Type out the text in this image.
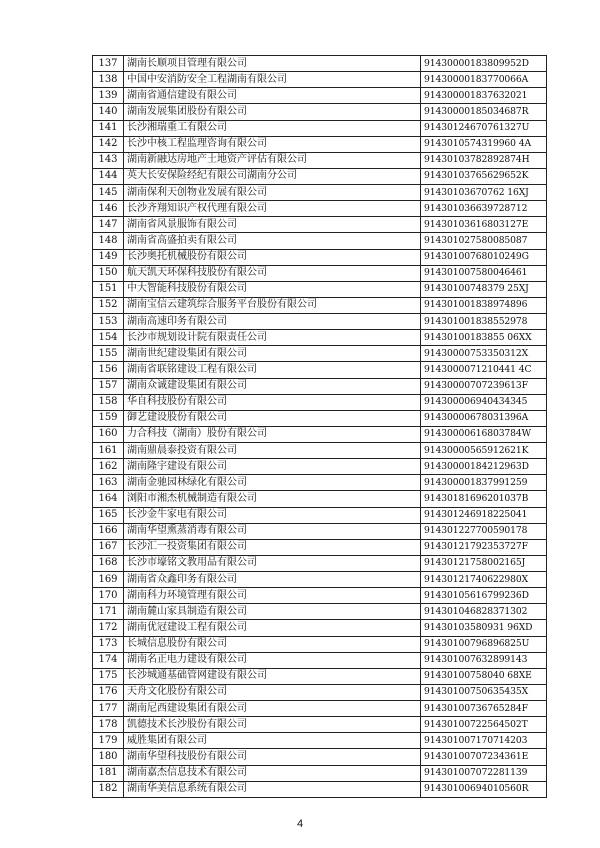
137	湖南长顺项目管理有限公司	91430000183809952D
138	中国中安消防安全工程湖南有限公司	91430000183770066A
139	湖南省通信建设有限公司	914300001837632021
140	湖南发展集团股份有限公司	91430000185034687R
141	长沙湘瑞重工有限公司	91430124670761327U
142	长沙中核工程监理咨询有限公司	9143010574319960 4A
143	湖南新融达房地产土地资产评估有限公司	91430103782892874H
144	英大长安保险经纪有限公司湖南分公司	91430103765629652K
145	湖南保利天创物业发展有限公司	91430103670762 16XJ
146	长沙齐翔知识产权代理有限公司	914301036639728712
147	湖南省风景服饰有限公司	91430103616803127E
148	湖南省高盛拍卖有限公司	914301027580085087
149	长沙奥托机械股份有限公司	91430100768010249G
150	航天凯天环保科技股份有限公司	914301007580046461
151	中大智能科技股份有限公司	91430100748379 25XJ
152	湖南宝信云建筑综合服务平台股份有限公司	914301001838974896
153	湖南高速印务有限公司	914301001838552978
154	长沙市规划设计院有限责任公司	91430100183855 06XX
155	湖南世纪建设集团有限公司	91430000753350312X
156	湖南省联铭建设工程有限公司	9143000071210441 4C
157	湖南众诚建设集团有限公司	91430000707239613F
158	华自科技股份有限公司	914300006940434345
159	御艺建设股份有限公司	91430000678031396A
160	力合科技（湖南）股份有限公司	91430000616803784W
161	湖南鼎晨泰投资有限公司	91430000565912621K
162	湖南隆宇建设有限公司	91430000184212963D
163	湖南金驰园林绿化有限公司	914300001837991259
164	浏阳市湘杰机械制造有限公司	91430181696201037B
165	长沙金牛家电有限公司	914301246918225041
166	湖南华望熏蒸消毒有限公司	914301227700590178
167	长沙汇一投资集团有限公司	91430121792353727F
168	长沙市壕铭文教用品有限公司	91430121758002165J
169	湖南省众鑫印务有限公司	91430121740622980X
170	湖南科力环境管理有限公司	91430105616799236D
171	湖南麓山家具制造有限公司	914301046828371302
172	湖南优冠建设工程有限公司	91430103580931 96XD
173	长城信息股份有限公司	91430100796896825U
174	湖南名正电力建设有限公司	914301007632899143
175	长沙城通基础管网建设有限公司	91430100758040 68XE
176	天舟文化股份有限公司	91430100750635435X
177	湖南尼西建设集团有限公司	91430100736765284F
178	凯德技术长沙股份有限公司	91430100722564502T
179	威胜集团有限公司	914301007170714203
180	湖南华望科技股份有限公司	91430100707234361E
181	湖南嘉杰信息技术有限公司	914301007072281139
182	湖南华美信息系统有限公司	91430100694010560R
4
